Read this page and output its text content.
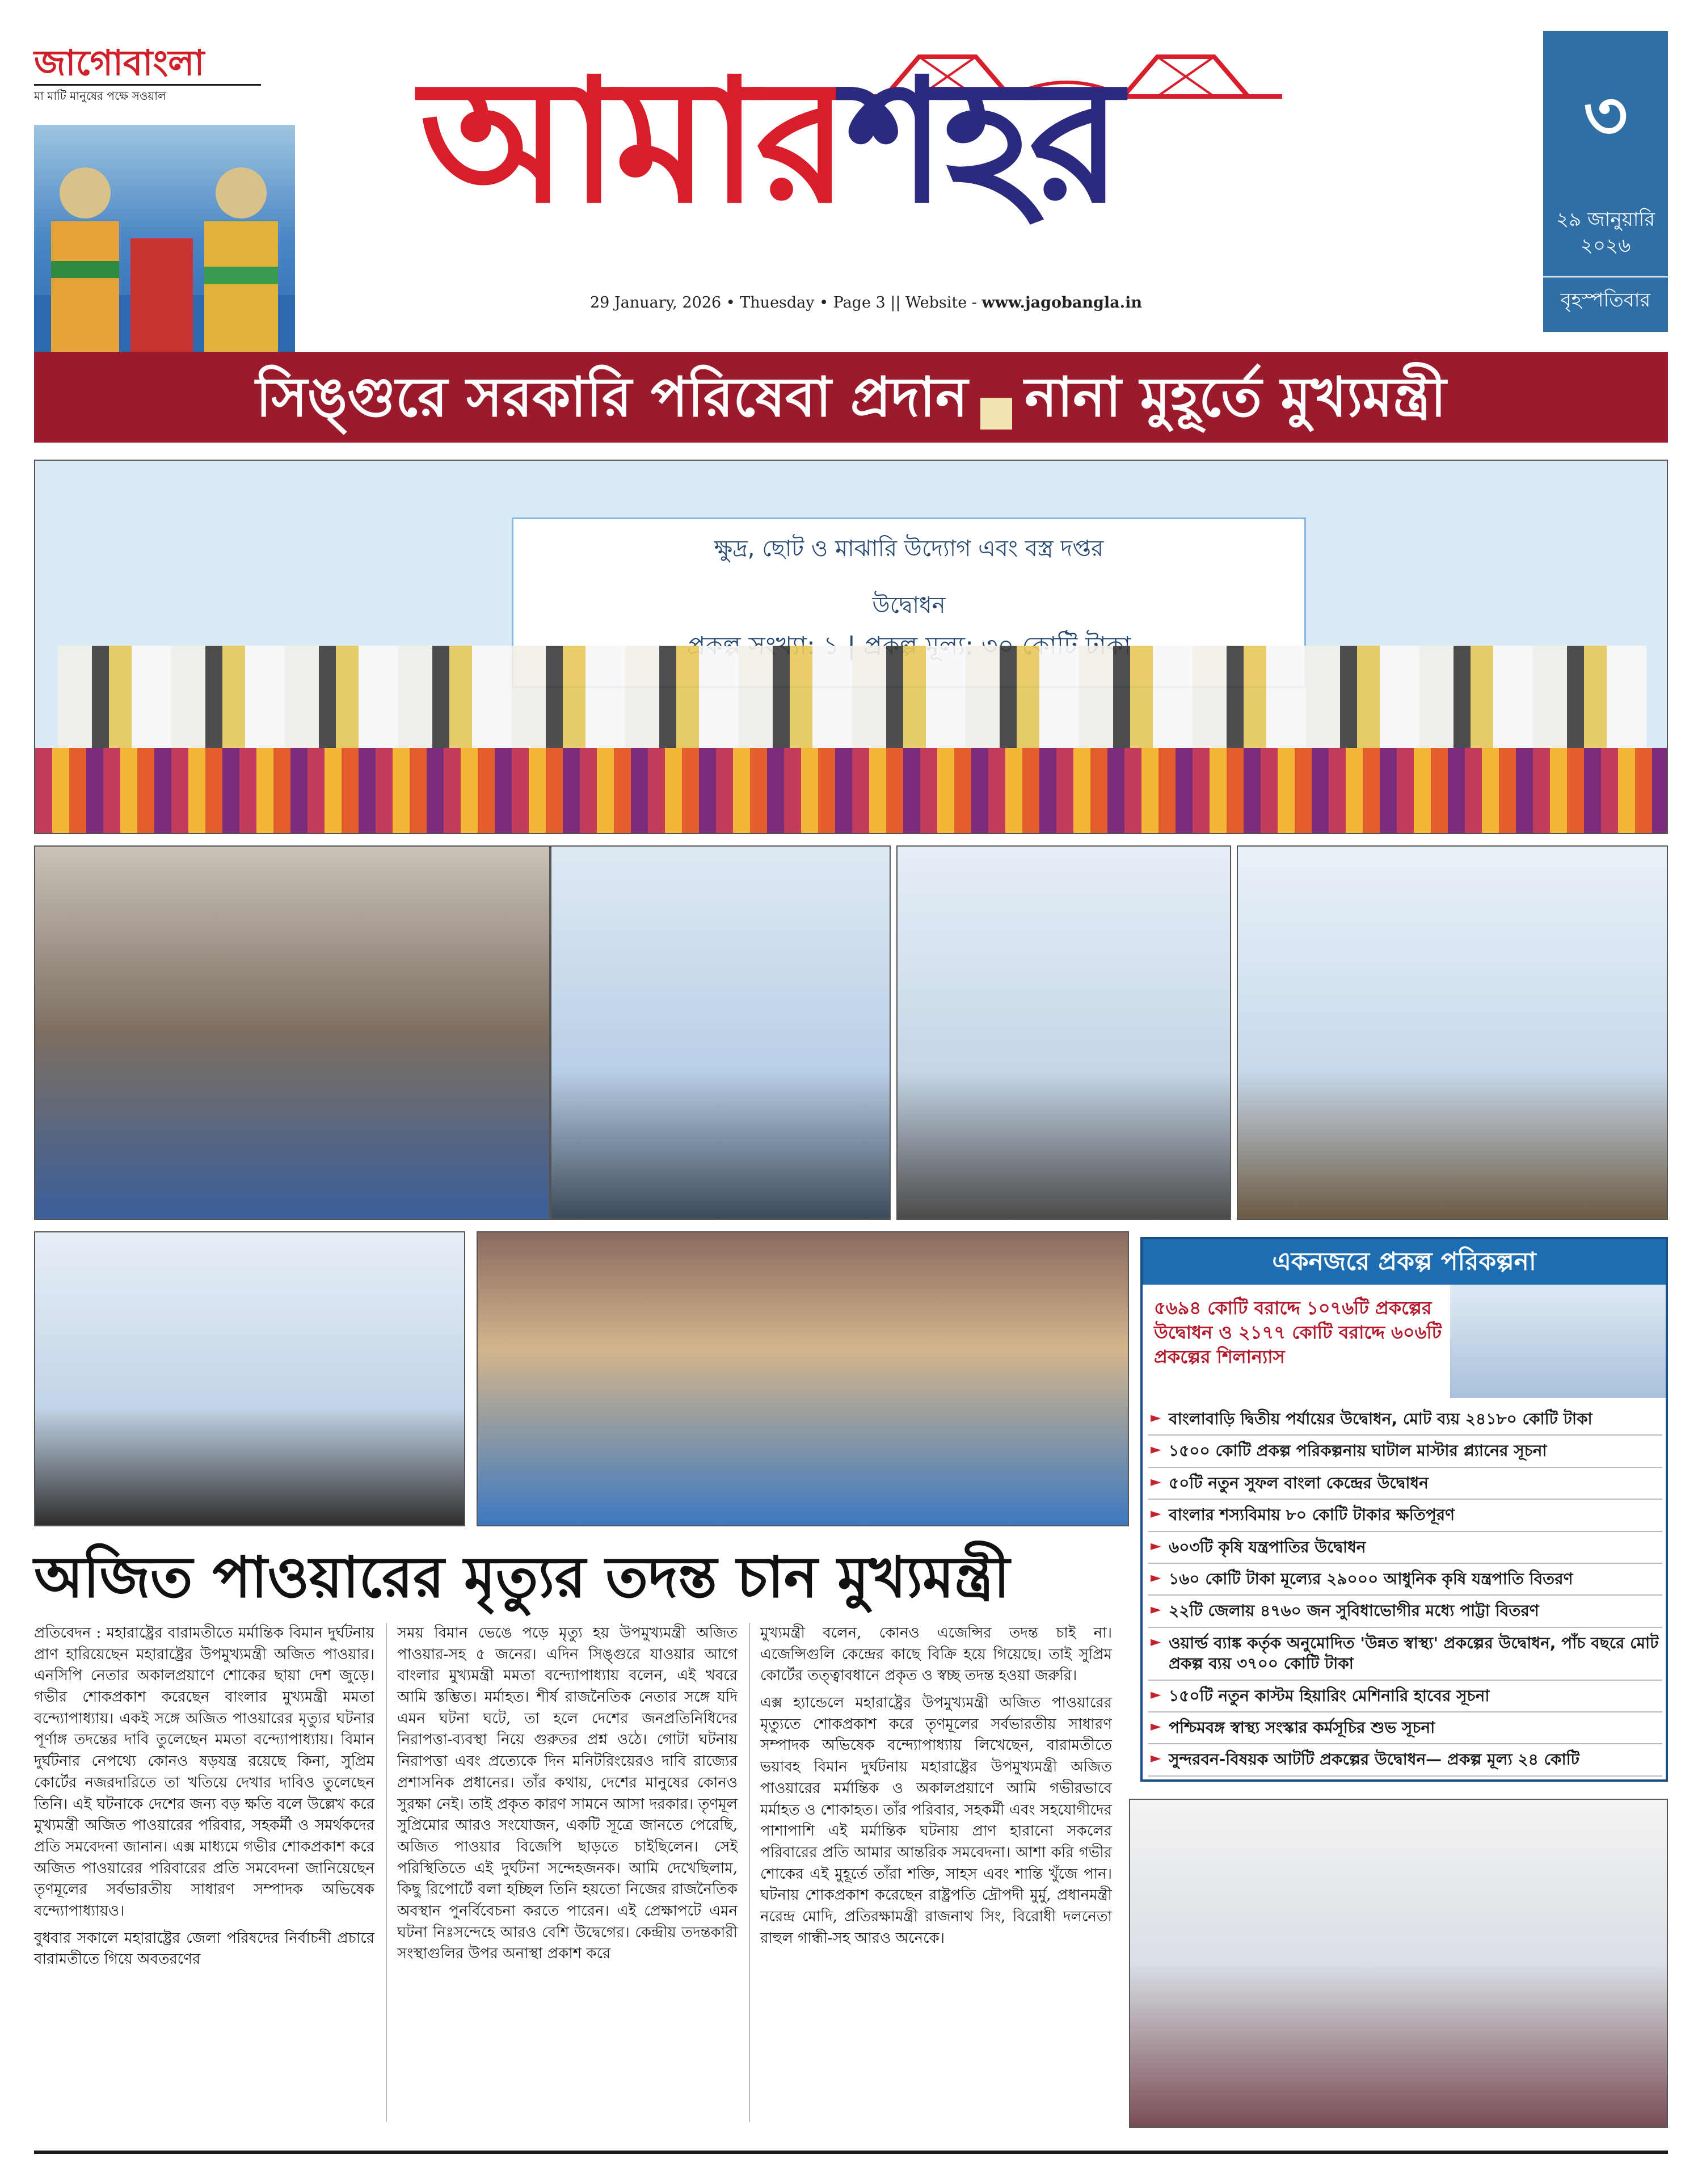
জাগোবাংলা
মা মাটি মানুষের পক্ষে সওয়াল	আমারশহর
29 January, 2026 • Thuesday • Page 3 || Website - www.jagobangla.in
৩
২৯ জানুয়ারি
২০২৬
বৃহস্পতিবার
সিঙ্গুরে সরকারি পরিষেবা প্রদান নানা মুহূর্তে মুখ্যমন্ত্রী
ক্ষুদ্র, ছোট ও মাঝারি উদ্যোগ এবং বস্ত্র দপ্তর
উদ্বোধন
একনজরে প্রকল্প পরিকল্পনা
৫৬৯৪ কোটি বরাদ্দে ১০৭৬টি প্রকল্পের উদ্বোধন ও ২১৭৭ কোটি বরাদ্দে ৬০৬টি প্রকল্পের শিলান্যাস
► বাংলাবাড়ি দ্বিতীয় পর্যায়ের উদ্বোধন, মোট ব্যয় ২৪১৮০ কোটি টাকা
► ১৫০০ কোটি প্রকল্প পরিকল্পনায় ঘাটাল মাস্টার প্ল্যানের সূচনা
► ৫০টি নতুন সুফল বাংলা কেন্দ্রের উদ্বোধন
► বাংলার শস্যবিমায় ৮০ কোটি টাকার ক্ষতিপূরণ
► ৬০৩টি কৃষি যন্ত্রপাতির উদ্বোধন
► ১৬০ কোটি টাকা মূল্যের ২৯০০০ আধুনিক কৃষি যন্ত্রপাতি বিতরণ
► ২২টি জেলায় ৪৭৬০ জন সুবিধাভোগীর মধ্যে পাট্টা বিতরণ
► ওয়ার্ল্ড ব্যাঙ্ক কর্তৃক অনুমোদিত 'উন্নত স্বাস্থ্য' প্রকল্পের উদ্বোধন, পাঁচ বছরে মোট প্রকল্প ব্যয় ৩৭০০ কোটি টাকা
► ১৫০টি নতুন কাস্টম হিয়ারিং মেশিনারি হাবের সূচনা
► পশ্চিমবঙ্গ স্বাস্থ্য সংস্কার কর্মসূচির শুভ সূচনা
► সুন্দরবন-বিষয়ক আটটি প্রকল্পের উদ্বোধন— প্রকল্প মূল্য ২৪ কোটি
অজিত পাওয়ারের মৃত্যুর তদন্ত চান মুখ্যমন্ত্রী

প্রতিবেদন : মহারাষ্ট্রের বারামতীতে মর্মান্তিক বিমান দুর্ঘটনায় প্রাণ হারিয়েছেন মহারাষ্ট্রের উপমুখ্যমন্ত্রী অজিত পাওয়ার। এনসিপি নেতার অকালপ্রয়াণে শোকের ছায়া দেশ জুড়ে। গভীর শোকপ্রকাশ করেছেন বাংলার মুখ্যমন্ত্রী মমতা বন্দ্যোপাধ্যায়। একই সঙ্গে অজিত পাওয়ারের মৃত্যুর ঘটনার পূর্ণাঙ্গ তদন্তের দাবি তুলেছেন মমতা বন্দ্যোপাধ্যায়। বিমান দুর্ঘটনার নেপথ্যে কোনও ষড়যন্ত্র রয়েছে কিনা, সুপ্রিম কোর্টের নজরদারিতে তা খতিয়ে দেখার দাবিও তুলেছেন তিনি। এই ঘটনাকে দেশের জন্য বড় ক্ষতি বলে উল্লেখ করে মুখ্যমন্ত্রী অজিত পাওয়ারের পরিবার, সহকর্মী ও সমর্থকদের প্রতি সমবেদনা জানান। এক্স মাধ্যমে গভীর শোকপ্রকাশ করে অজিত পাওয়ারের পরিবারের প্রতি সমবেদনা জানিয়েছেন তৃণমূলের সর্বভারতীয় সাধারণ সম্পাদক অভিষেক বন্দ্যোপাধ্যায়ও।

বুধবার সকালে মহারাষ্ট্রের জেলা পরিষদের নির্বাচনী প্রচারে বারামতীতে গিয়ে অবতরণের

সময় বিমান ভেঙে পড়ে মৃত্যু হয় উপমুখ্যমন্ত্রী অজিত পাওয়ার-সহ ৫ জনের। এদিন সিঙ্গুরে যাওয়ার আগে বাংলার মুখ্যমন্ত্রী মমতা বন্দ্যোপাধ্যায় বলেন, এই খবরে আমি স্তম্ভিত। মর্মাহত। শীর্ষ রাজনৈতিক নেতার সঙ্গে যদি এমন ঘটনা ঘটে, তা হলে দেশের জনপ্রতিনিধিদের নিরাপত্তা-ব্যবস্থা নিয়ে গুরুতর প্রশ্ন ওঠে। গোটা ঘটনায় নিরাপত্তা এবং প্রত্যেকে দিন মনিটরিংয়েরও দাবি রাজ্যের প্রশাসনিক প্রধানের। তাঁর কথায়, দেশের মানুষের কোনও সুরক্ষা নেই। তাই প্রকৃত কারণ সামনে আসা দরকার। তৃণমূল সুপ্রিমোর আরও সংযোজন, একটি সূত্রে জানতে পেরেছি, অজিত পাওয়ার বিজেপি ছাড়তে চাইছিলেন। সেই পরিস্থিতিতে এই দুর্ঘটনা সন্দেহজনক। আমি দেখেছিলাম, কিছু রিপোর্টে বলা হচ্ছিল তিনি হয়তো নিজের রাজনৈতিক অবস্থান পুনর্বিবেচনা করতে পারেন। এই প্রেক্ষাপটে এমন ঘটনা নিঃসন্দেহে আরও বেশি উদ্বেগের। কেন্দ্রীয় তদন্তকারী সংস্থাগুলির উপর অনাস্থা প্রকাশ করে

মুখ্যমন্ত্রী বলেন, কোনও এজেন্সির তদন্ত চাই না। এজেন্সিগুলি কেন্দ্রের কাছে বিক্রি হয়ে গিয়েছে। তাই সুপ্রিম কোর্টের তত্ত্বাবধানে প্রকৃত ও স্বচ্ছ তদন্ত হওয়া জরুরি।

এক্স হ্যান্ডেলে মহারাষ্ট্রের উপমুখ্যমন্ত্রী অজিত পাওয়ারের মৃত্যুতে শোকপ্রকাশ করে তৃণমূলের সর্বভারতীয় সাধারণ সম্পাদক অভিষেক বন্দ্যোপাধ্যায় লিখেছেন, বারামতীতে ভয়াবহ বিমান দুর্ঘটনায় মহারাষ্ট্রের উপমুখ্যমন্ত্রী অজিত পাওয়ারের মর্মান্তিক ও অকালপ্রয়াণে আমি গভীরভাবে মর্মাহত ও শোকাহত। তাঁর পরিবার, সহকর্মী এবং সহযোগীদের পাশাপাশি এই মর্মান্তিক ঘটনায় প্রাণ হারানো সকলের পরিবারের প্রতি আমার আন্তরিক সমবেদনা। আশা করি গভীর শোকের এই মুহূর্তে তাঁরা শক্তি, সাহস এবং শান্তি খুঁজে পান। ঘটনায় শোকপ্রকাশ করেছেন রাষ্ট্রপতি দ্রৌপদী মুর্মু, প্রধানমন্ত্রী নরেন্দ্র মোদি, প্রতিরক্ষামন্ত্রী রাজনাথ সিং, বিরোধী দলনেতা রাহুল গান্ধী-সহ আরও অনেকে।
